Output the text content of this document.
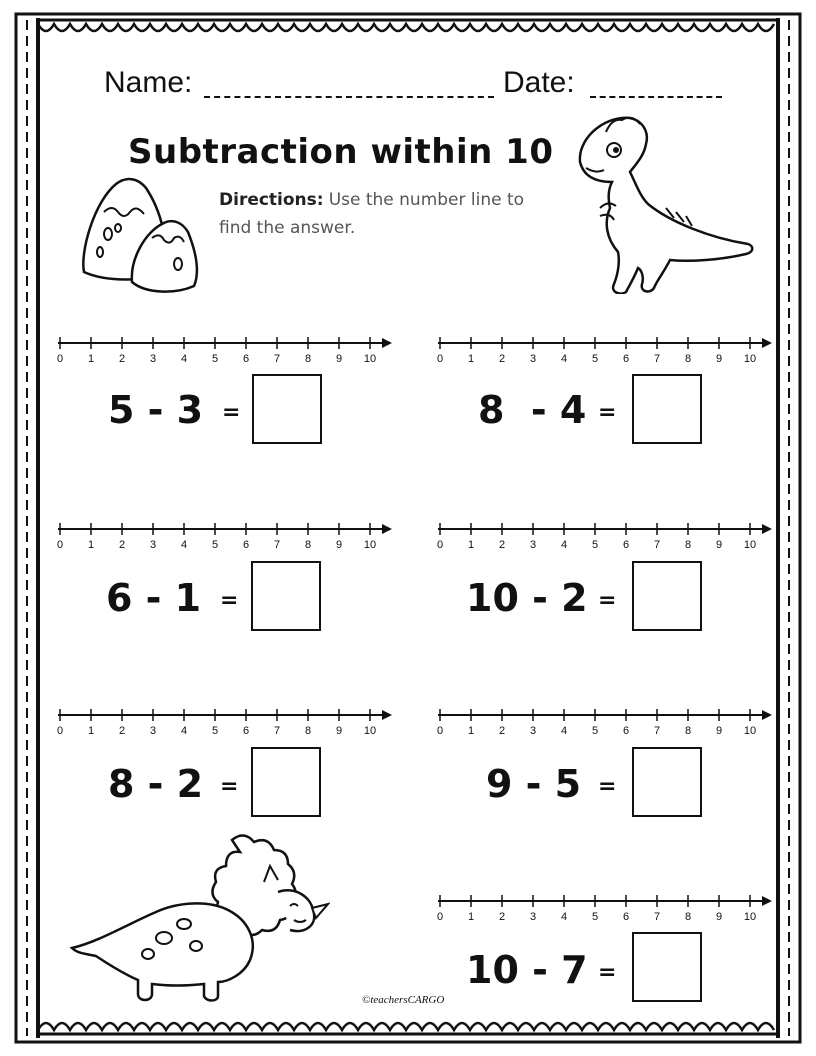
Name:	Date:
Subtraction within 10
Directions: Use the number line to
find the answer.
0 1 2 3 4 5 6 7 8 9 10	0 1 2 3 4 5 6 7 8 9 10
0 1 2 3 4 5 6 7 8 9 10	0 1 2 3 4 5 6 7 8 9 10
0 1 2 3 4 5 6 7 8 9 10	0 1 2 3 4 5 6 7 8 9 10
0 1 2 3 4 5 6 7 8 9 10
5 - 3 =	8  - 4 =
6 - 1 =	10 - 2 =
8 - 2 =	9 - 5 =
10 - 7 =
©teachersCARGO
